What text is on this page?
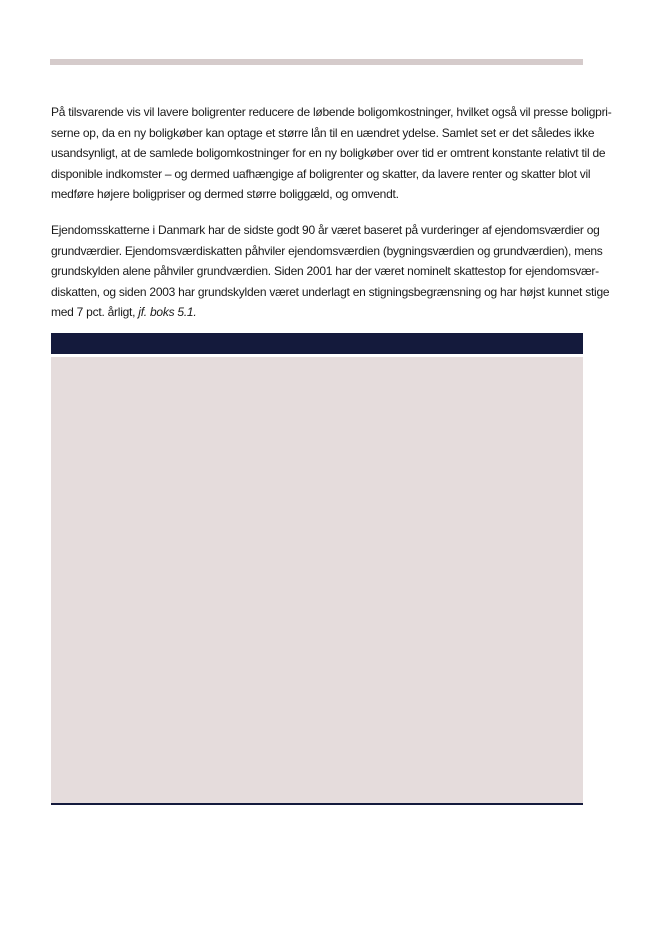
På tilsvarende vis vil lavere boligrenter reducere de løbende boligomkostninger, hvilket også vil presse boligpri-
serne op, da en ny boligkøber kan optage et større lån til en uændret ydelse. Samlet set er det således ikke
usandsynligt, at de samlede boligomkostninger for en ny boligkøber over tid er omtrent konstante relativt til de
disponible indkomster – og dermed uafhængige af boligrenter og skatter, da lavere renter og skatter blot vil
medføre højere boligpriser og dermed større boliggæld, og omvendt.
Ejendomsskatterne i Danmark har de sidste godt 90 år været baseret på vurderinger af ejendomsværdier og
grundværdier. Ejendomsværdiskatten påhviler ejendomsværdien (bygningsværdien og grundværdien), mens
grundskylden alene påhviler grundværdien. Siden 2001 har der været nominelt skattestop for ejendomsvær-
diskatten, og siden 2003 har grundskylden været underlagt en stigningsbegrænsning og har højst kunnet stige
med 7 pct. årligt, jf. boks 5.1.
